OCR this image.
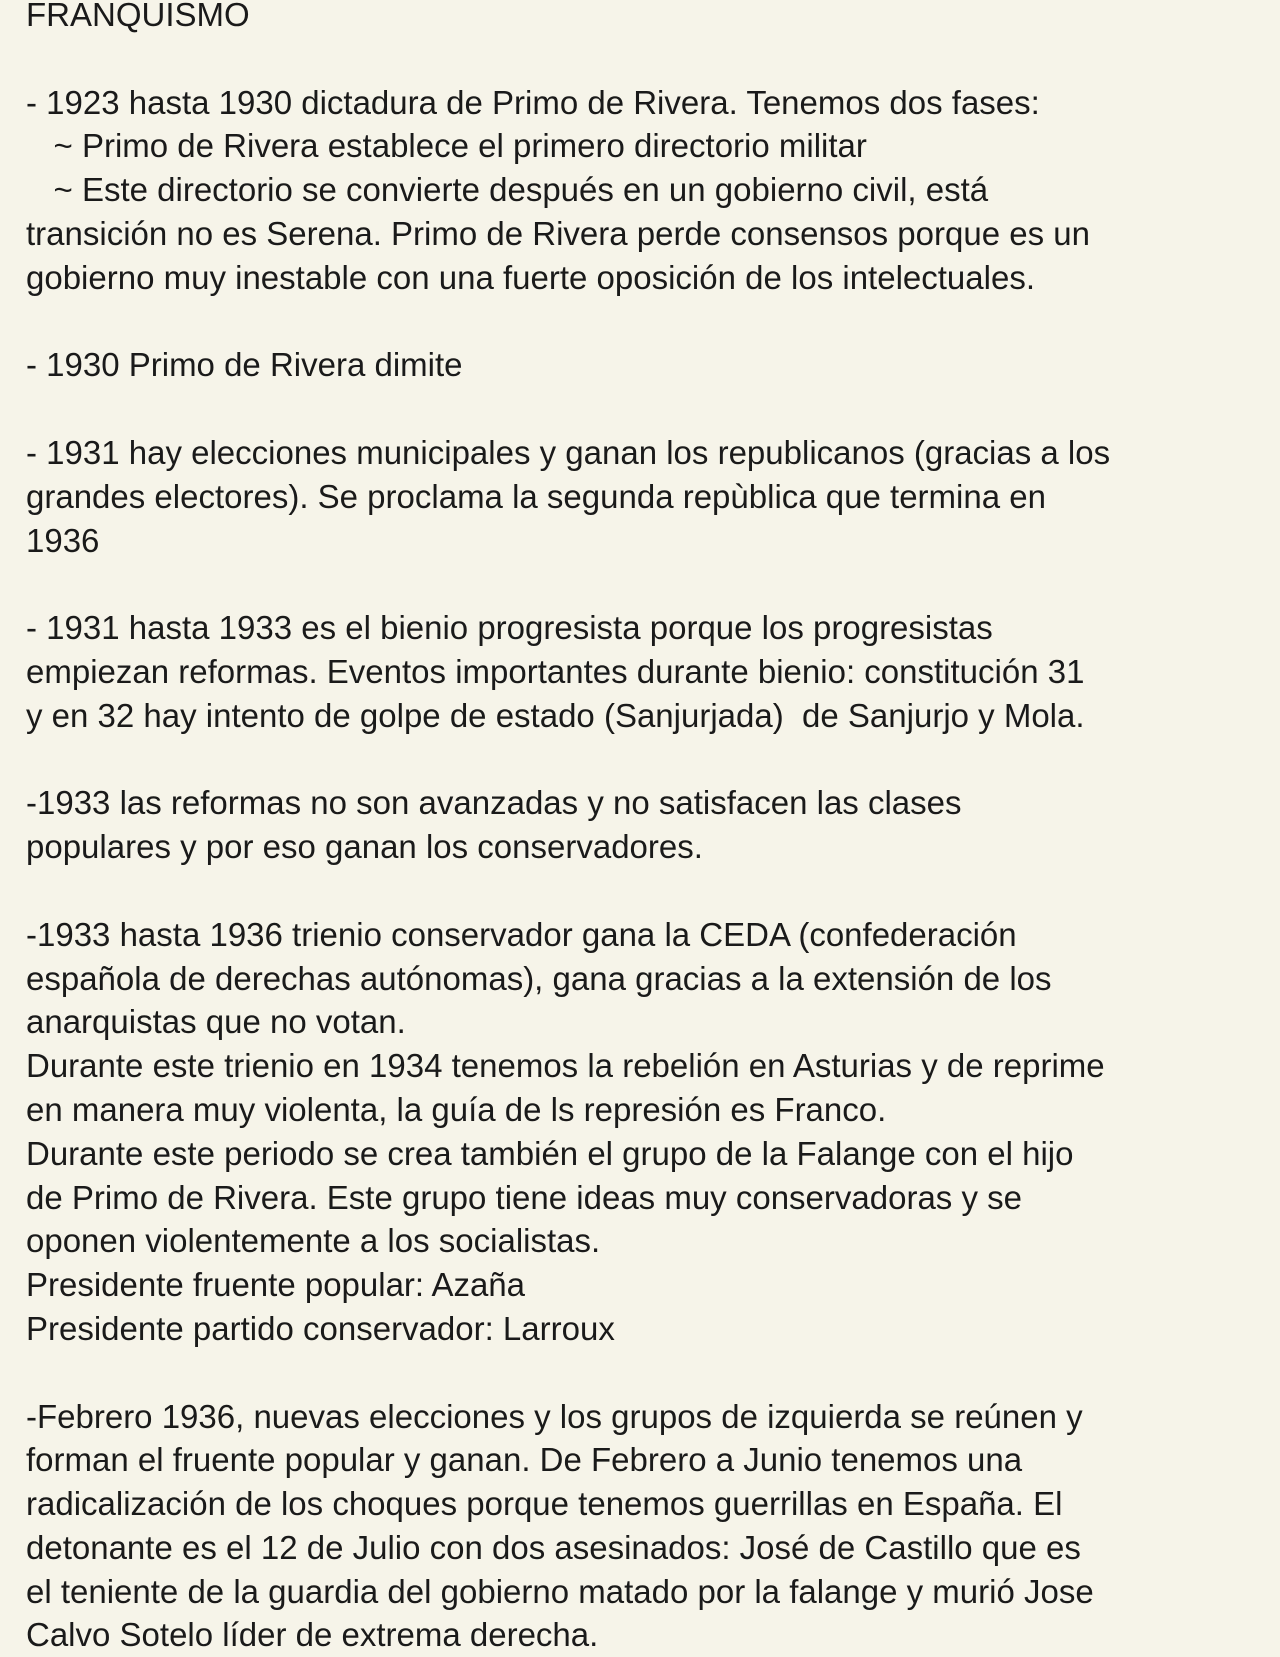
FRANQUISMO
- 1923 hasta 1930 dictadura de Primo de Rivera. Tenemos dos fases:
~ Primo de Rivera establece el primero directorio militar
~ Este directorio se convierte después en un gobierno civil, está
transición no es Serena. Primo de Rivera perde consensos porque es un
gobierno muy inestable con una fuerte oposición de los intelectuales.
- 1930 Primo de Rivera dimite
- 1931 hay elecciones municipales y ganan los republicanos (gracias a los
grandes electores). Se proclama la segunda repùblica que termina en
1936
- 1931 hasta 1933 es el bienio progresista porque los progresistas
empiezan reformas. Eventos importantes durante bienio: constitución 31
y en 32 hay intento de golpe de estado (Sanjurjada)  de Sanjurjo y Mola.
-1933 las reformas no son avanzadas y no satisfacen las clases
populares y por eso ganan los conservadores.
-1933 hasta 1936 trienio conservador gana la CEDA (confederación
española de derechas autónomas), gana gracias a la extensión de los
anarquistas que no votan.
Durante este trienio en 1934 tenemos la rebelión en Asturias y de reprime
en manera muy violenta, la guía de ls represión es Franco.
Durante este periodo se crea también el grupo de la Falange con el hijo
de Primo de Rivera. Este grupo tiene ideas muy conservadoras y se
oponen violentemente a los socialistas.
Presidente fruente popular: Azaña
Presidente partido conservador: Larroux
-Febrero 1936, nuevas elecciones y los grupos de izquierda se reúnen y
forman el fruente popular y ganan. De Febrero a Junio tenemos una
radicalización de los choques porque tenemos guerrillas en España. El
detonante es el 12 de Julio con dos asesinados: José de Castillo que es
el teniente de la guardia del gobierno matado por la falange y murió Jose
Calvo Sotelo líder de extrema derecha.
